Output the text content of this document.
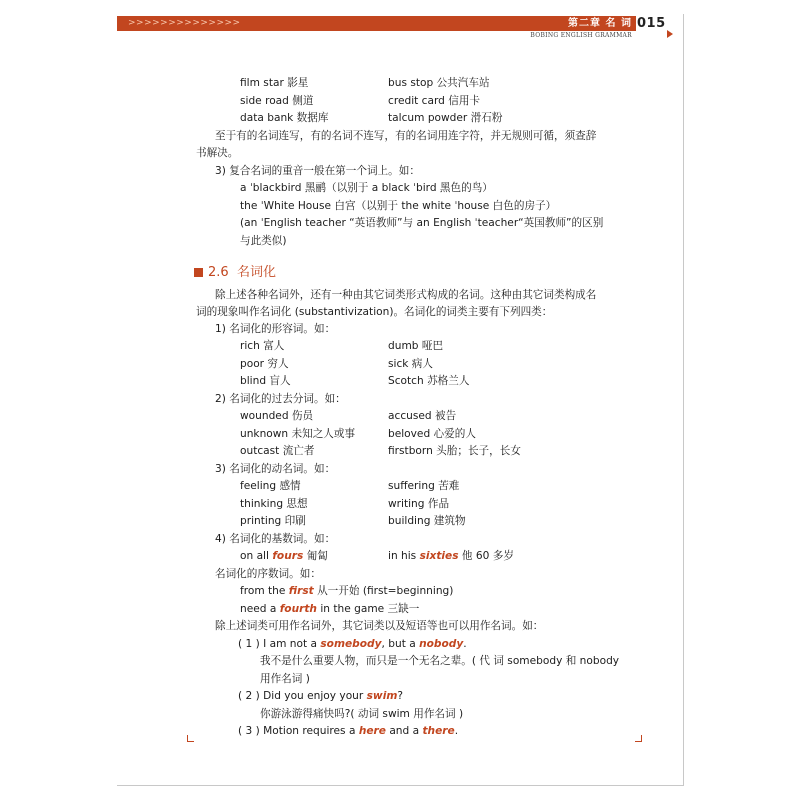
>>>>>>>>>>>>>>	第二章 名 词 015
BOBING ENGLISH GRAMMAR
film star 影星	bus stop 公共汽车站
side road 侧道	credit card 信用卡
data bank 数据库	talcum powder 滑石粉
至于有的名词连写，有的名词不连写，有的名词用连字符，并无规则可循，须查辞
书解决。
3) 复合名词的重音一般在第一个词上。如：
a ˈblackbird 黑鹂（以别于 a black ˈbird 黑色的鸟）
the ˈWhite House 白宫（以别于 the white ˈhouse 白色的房子）
(an ˈEnglish teacher “英语教师”与 an English ˈteacher“英国教师”的区别
与此类似)
2.6 名词化
除上述各种名词外，还有一种由其它词类形式构成的名词。这种由其它词类构成名
词的现象叫作名词化 (substantivization)。名词化的词类主要有下列四类：
1) 名词化的形容词。如：
rich 富人	dumb 哑巴
poor 穷人	sick 病人
blind 盲人	Scotch 苏格兰人
2) 名词化的过去分词。如：
wounded 伤员	accused 被告
unknown 未知之人或事	beloved 心爱的人
outcast 流亡者	firstborn 头胎；长子，长女
3) 名词化的动名词。如：
feeling 感情	suffering 苦难
thinking 思想	writing 作品
printing 印刷	building 建筑物
4) 名词化的基数词。如：
on all fours 匍匐	in his sixties 他 60 多岁
名词化的序数词。如：
from the first 从一开始 (first=beginning)
need a fourth in the game 三缺一
除上述词类可用作名词外，其它词类以及短语等也可以用作名词。如：
( 1 ) I am not a somebody, but a nobody.
我不是什么重要人物，而只是一个无名之辈。( 代 词 somebody 和 nobody
用作名词 )
( 2 ) Did you enjoy your swim?
你游泳游得痛快吗?( 动词 swim 用作名词 )
( 3 ) Motion requires a here and a there.
